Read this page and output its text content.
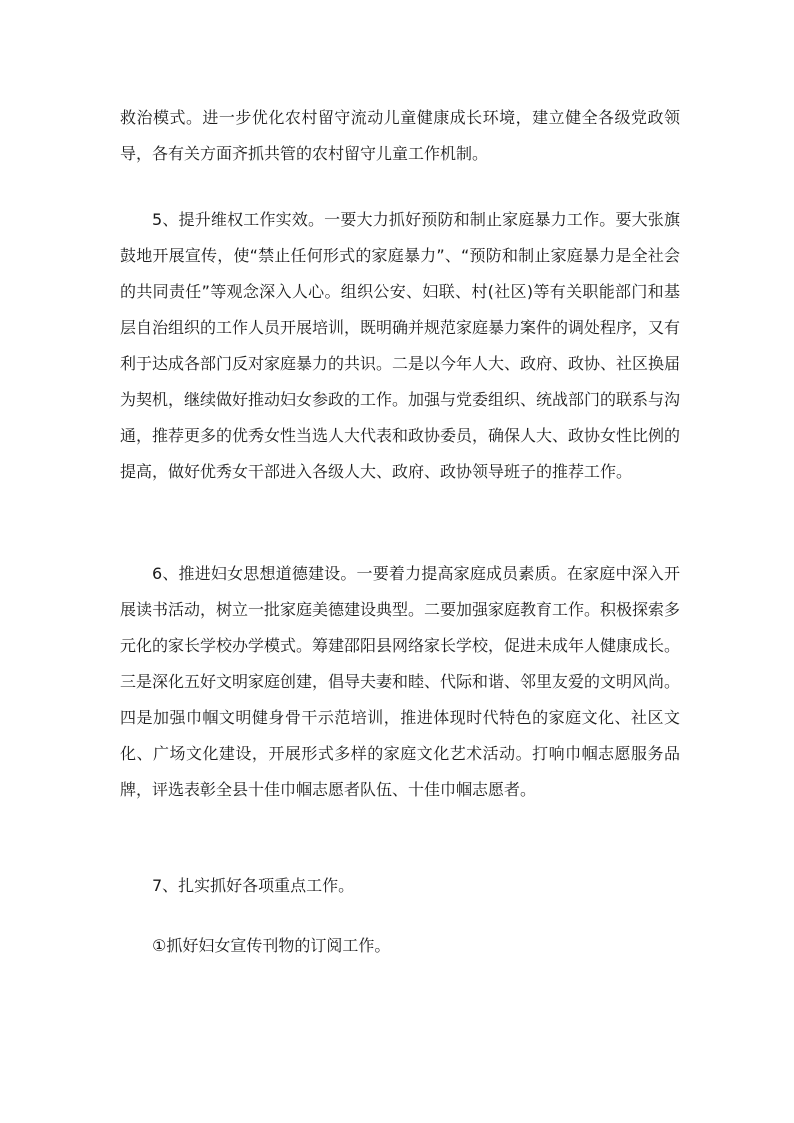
救治模式。进一步优化农村留守流动儿童健康成长环境，建立健全各级党政领导，各有关方面齐抓共管的农村留守儿童工作机制。

5、提升维权工作实效。一要大力抓好预防和制止家庭暴力工作。要大张旗鼓地开展宣传，使“禁止任何形式的家庭暴力”、“预防和制止家庭暴力是全社会的共同责任”等观念深入人心。组织公安、妇联、村(社区)等有关职能部门和基层自治组织的工作人员开展培训，既明确并规范家庭暴力案件的调处程序，又有利于达成各部门反对家庭暴力的共识。二是以今年人大、政府、政协、社区换届为契机，继续做好推动妇女参政的工作。加强与党委组织、统战部门的联系与沟通，推荐更多的优秀女性当选人大代表和政协委员，确保人大、政协女性比例的提高，做好优秀女干部进入各级人大、政府、政协领导班子的推荐工作。

6、推进妇女思想道德建设。一要着力提高家庭成员素质。在家庭中深入开展读书活动，树立一批家庭美德建设典型。二要加强家庭教育工作。积极探索多元化的家长学校办学模式。筹建邵阳县网络家长学校，促进未成年人健康成长。三是深化五好文明家庭创建，倡导夫妻和睦、代际和谐、邻里友爱的文明风尚。四是加强巾帼文明健身骨干示范培训，推进体现时代特色的家庭文化、社区文化、广场文化建设，开展形式多样的家庭文化艺术活动。打响巾帼志愿服务品牌，评选表彰全县十佳巾帼志愿者队伍、十佳巾帼志愿者。

7、扎实抓好各项重点工作。

①抓好妇女宣传刊物的订阅工作。
